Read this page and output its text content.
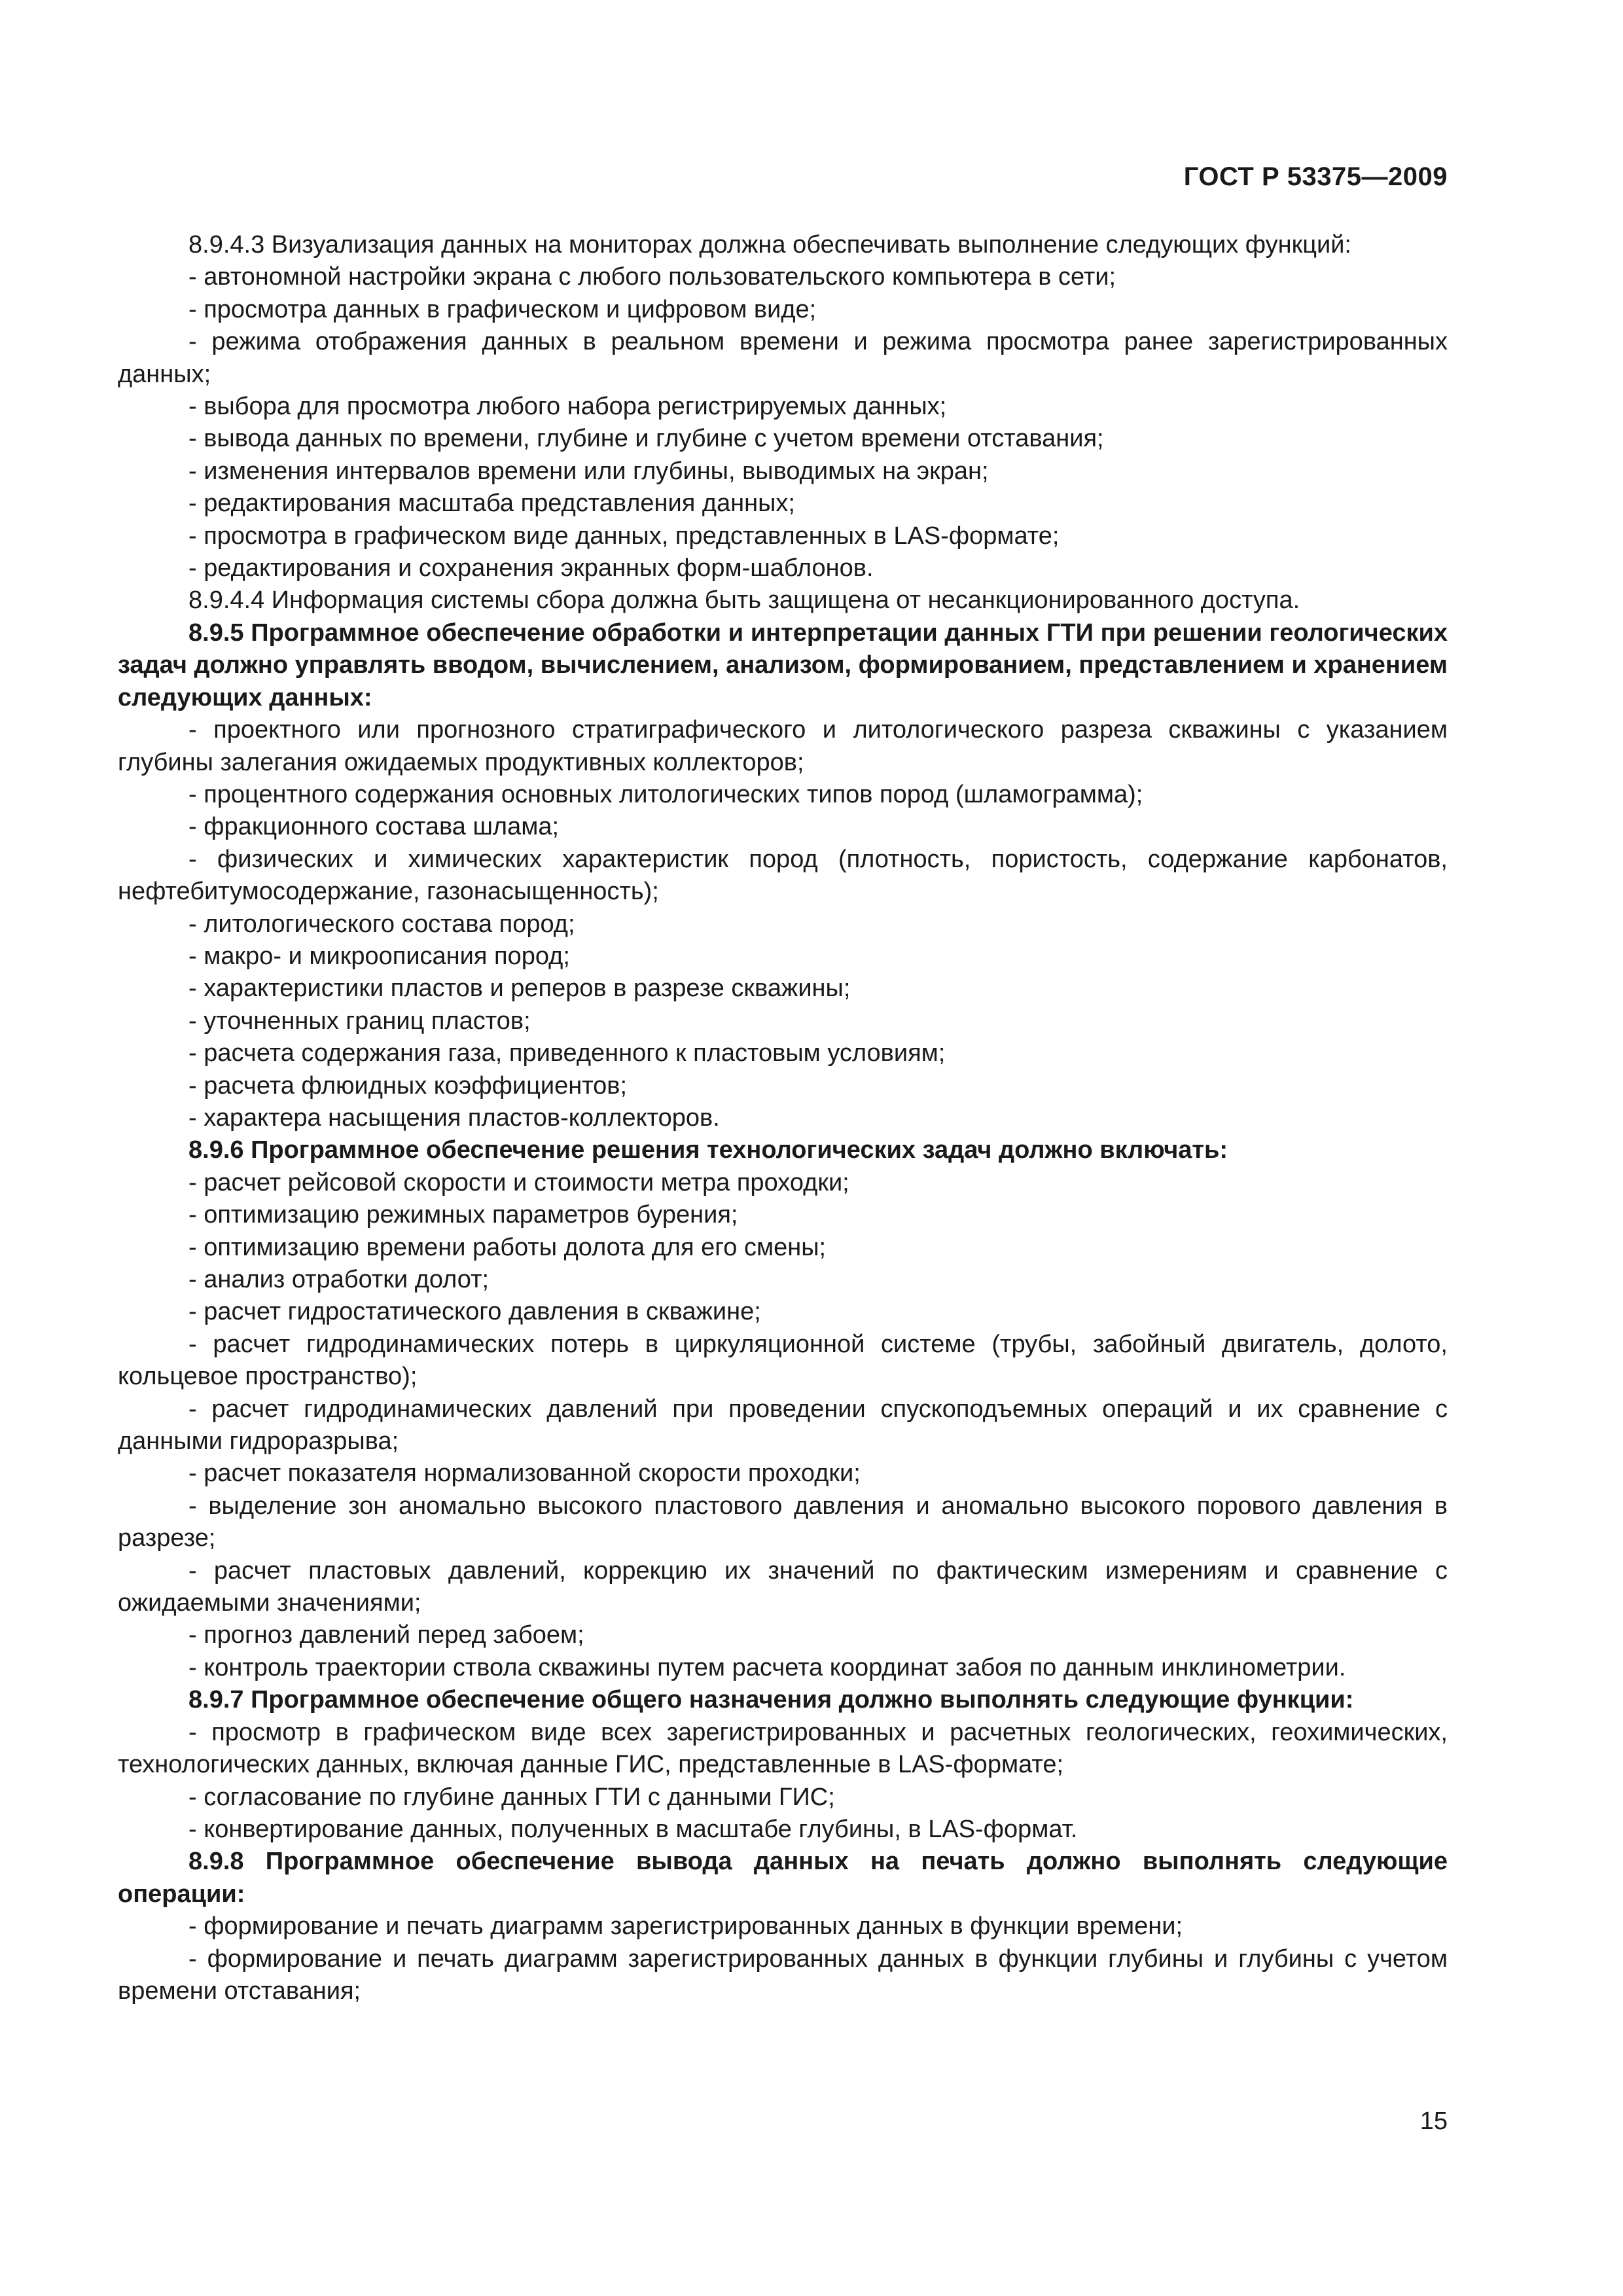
ГОСТ Р 53375—2009

8.9.4.3 Визуализация данных на мониторах должна обеспечивать выполнение следующих функций:

- автономной настройки экрана с любого пользовательского компьютера в сети;

- просмотра данных в графическом и цифровом виде;

- режима отображения данных в реальном времени и режима просмотра ранее зарегистрированных данных;

- выбора для просмотра любого набора регистрируемых данных;

- вывода данных по времени, глубине и глубине с учетом времени отставания;

- изменения интервалов времени или глубины, выводимых на экран;

- редактирования масштаба представления данных;

- просмотра в графическом виде данных, представленных в LAS-формате;

- редактирования и сохранения экранных форм-шаблонов.

8.9.4.4 Информация системы сбора должна быть защищена от несанкционированного доступа.

8.9.5 Программное обеспечение обработки и интерпретации данных ГТИ при решении геологических задач должно управлять вводом, вычислением, анализом, формированием, представлением и хранением следующих данных:

- проектного или прогнозного стратиграфического и литологического разреза скважины с указанием глубины залегания ожидаемых продуктивных коллекторов;

- процентного содержания основных литологических типов пород (шламограмма);

- фракционного состава шлама;

- физических и химических характеристик пород (плотность, пористость, содержание карбонатов, нефтебитумосодержание, газонасыщенность);

- литологического состава пород;

- макро- и микроописания пород;

- характеристики пластов и реперов в разрезе скважины;

- уточненных границ пластов;

- расчета содержания газа, приведенного к пластовым условиям;

- расчета флюидных коэффициентов;

- характера насыщения пластов-коллекторов.

8.9.6 Программное обеспечение решения технологических задач должно включать:

- расчет рейсовой скорости и стоимости метра проходки;

- оптимизацию режимных параметров бурения;

- оптимизацию времени работы долота для его смены;

- анализ отработки долот;

- расчет гидростатического давления в скважине;

- расчет гидродинамических потерь в циркуляционной системе (трубы, забойный двигатель, долото, кольцевое пространство);

- расчет гидродинамических давлений при проведении спускоподъемных операций и их сравнение с данными гидроразрыва;

- расчет показателя нормализованной скорости проходки;

- выделение зон аномально высокого пластового давления и аномально высокого порового давления в разрезе;

- расчет пластовых давлений, коррекцию их значений по фактическим измерениям и сравнение с ожидаемыми значениями;

- прогноз давлений перед забоем;

- контроль траектории ствола скважины путем расчета координат забоя по данным инклинометрии.

8.9.7 Программное обеспечение общего назначения должно выполнять следующие функции:

- просмотр в графическом виде всех зарегистрированных и расчетных геологических, геохимических, технологических данных, включая данные ГИС, представленные в LAS-формате;

- согласование по глубине данных ГТИ с данными ГИС;

- конвертирование данных, полученных в масштабе глубины, в LAS-формат.

8.9.8 Программное обеспечение вывода данных на печать должно выполнять следующие операции:

- формирование и печать диаграмм зарегистрированных данных в функции времени;

- формирование и печать диаграмм зарегистрированных данных в функции глубины и глубины с учетом времени отставания;

15
